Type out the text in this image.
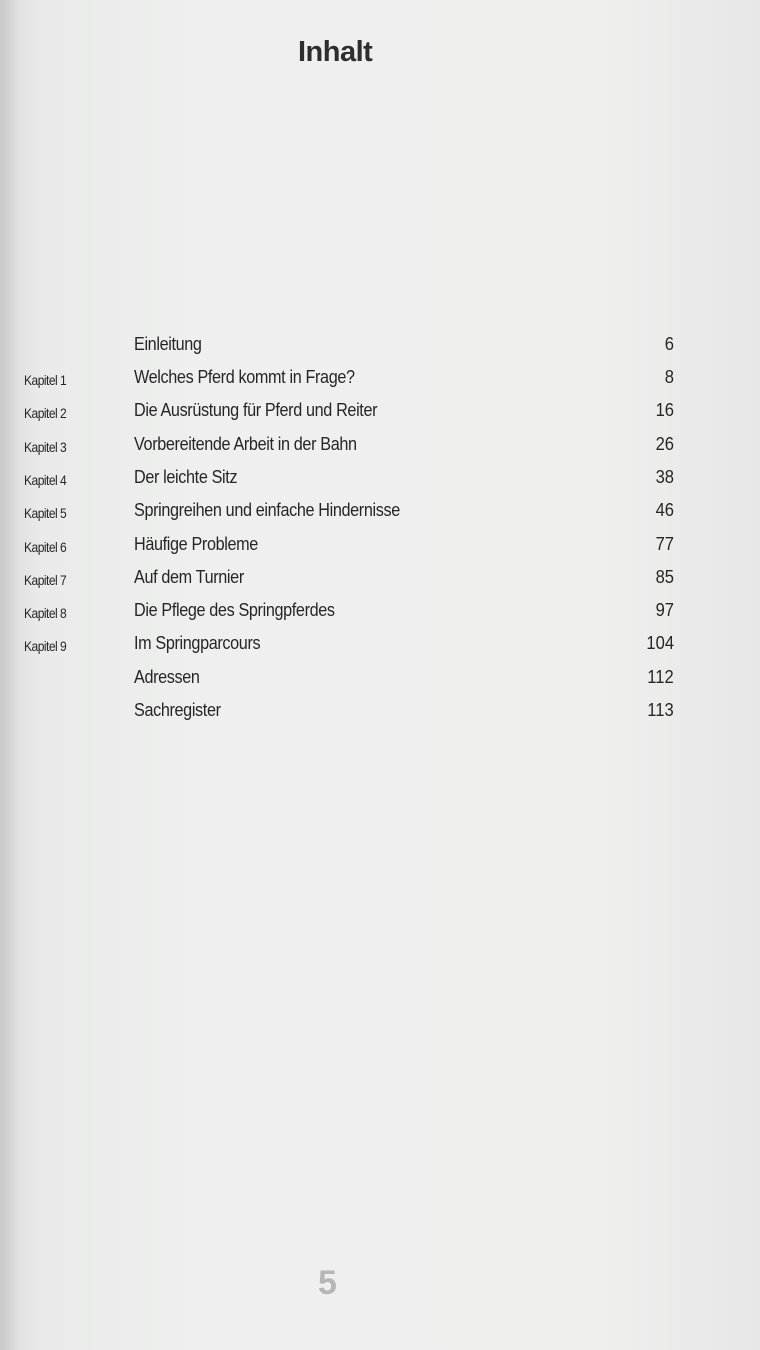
Inhalt
Einleitung	6
Kapitel 1	Welches Pferd kommt in Frage?	8
Kapitel 2	Die Ausrüstung für Pferd und Reiter	16
Kapitel 3	Vorbereitende Arbeit in der Bahn	26
Kapitel 4	Der leichte Sitz	38
Kapitel 5	Springreihen und einfache Hindernisse	46
Kapitel 6	Häufige Probleme	77
Kapitel 7	Auf dem Turnier	85
Kapitel 8	Die Pflege des Springpferdes	97
Kapitel 9	Im Springparcours	104
Adressen	112
Sachregister	113
5
